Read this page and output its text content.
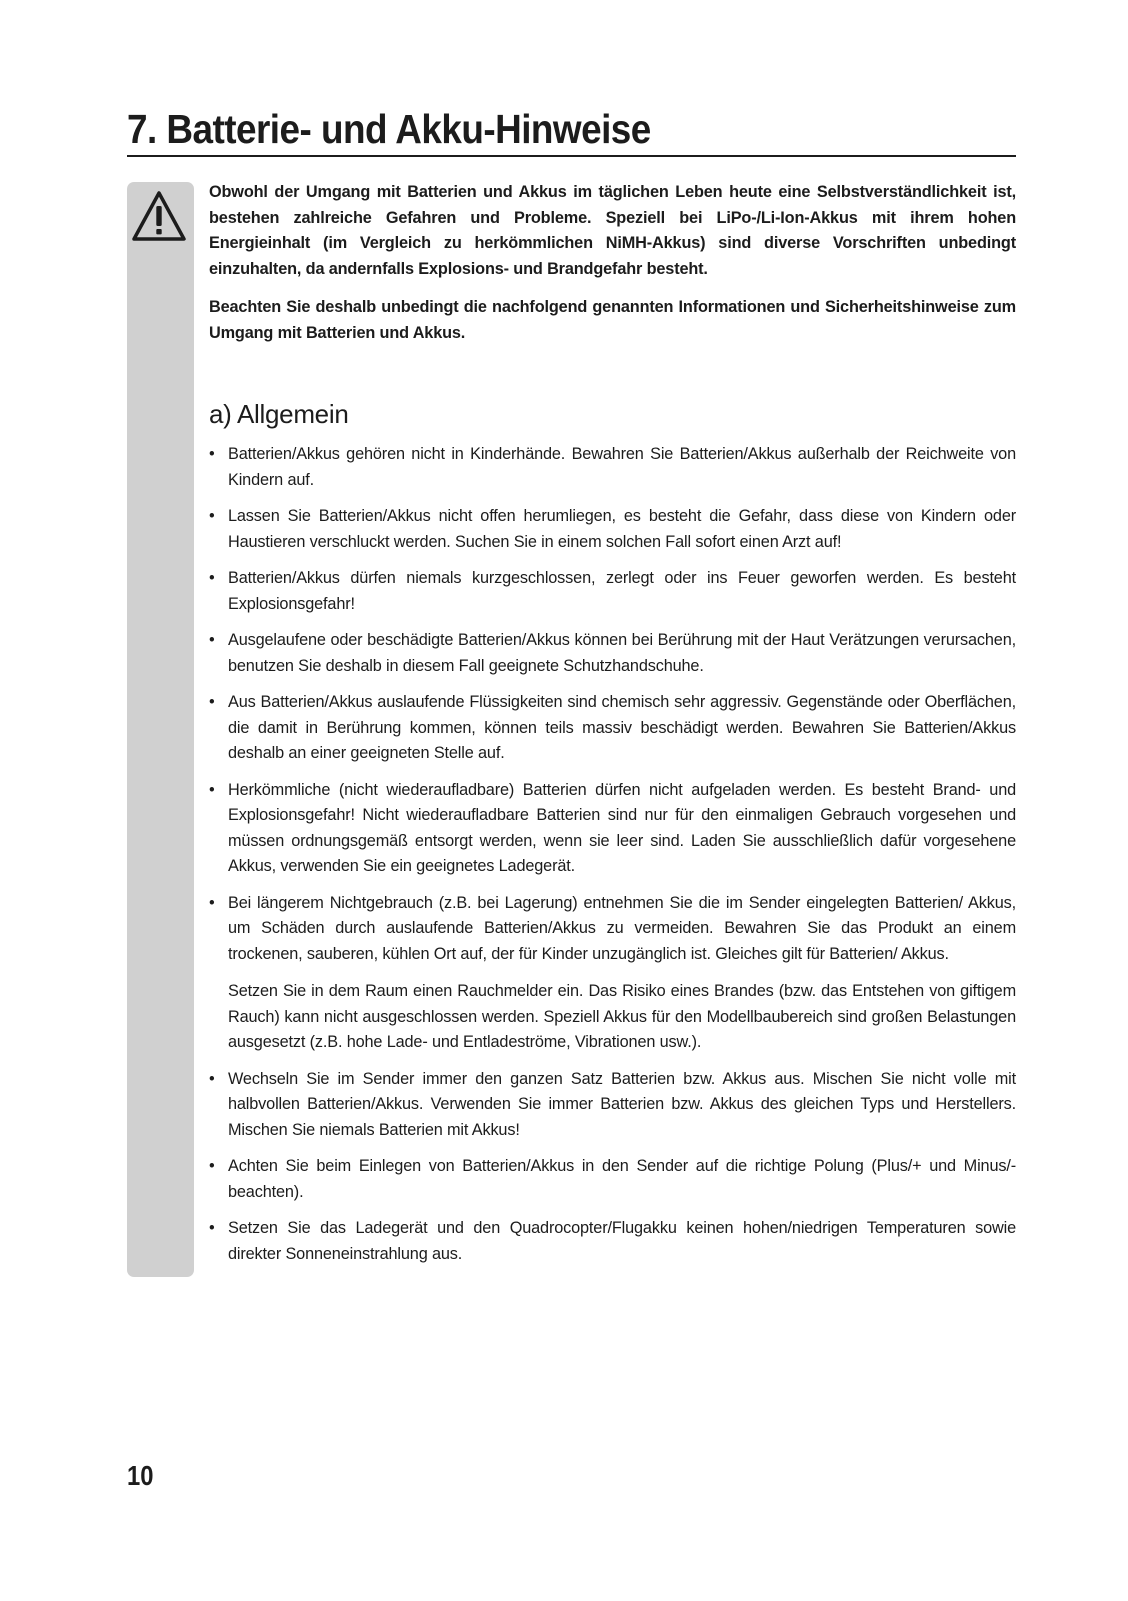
7. Batterie- und Akku-Hinweise

Obwohl der Umgang mit Batterien und Akkus im täglichen Leben heute eine Selbstverständlichkeit ist, bestehen zahlreiche Gefahren und Probleme. Speziell bei LiPo-/Li-Ion-Akkus mit ihrem hohen Energieinhalt (im Vergleich zu herkömmlichen NiMH-Akkus) sind diverse Vorschriften unbedingt einzuhalten, da andernfalls Explosions- und Brandgefahr besteht.

Beachten Sie deshalb unbedingt die nachfolgend genannten Informationen und Sicherheitshinweise zum Umgang mit Batterien und Akkus.

a) Allgemein
• Batterien/Akkus gehören nicht in Kinderhände. Bewahren Sie Batterien/Akkus außerhalb der Reichweite von Kindern auf.

• Lassen Sie Batterien/Akkus nicht offen herumliegen, es besteht die Gefahr, dass diese von Kindern oder Haustieren verschluckt werden. Suchen Sie in einem solchen Fall sofort einen Arzt auf!

• Batterien/Akkus dürfen niemals kurzgeschlossen, zerlegt oder ins Feuer geworfen werden. Es besteht Explosionsgefahr!

• Ausgelaufene oder beschädigte Batterien/Akkus können bei Berührung mit der Haut Verätzungen verursachen, benutzen Sie deshalb in diesem Fall geeignete Schutzhandschuhe.

• Aus Batterien/Akkus auslaufende Flüssigkeiten sind chemisch sehr aggressiv. Gegenstände oder Oberflächen, die damit in Berührung kommen, können teils massiv beschädigt werden. Bewahren Sie Batterien/Akkus deshalb an einer geeigneten Stelle auf.

• Herkömmliche (nicht wiederaufladbare) Batterien dürfen nicht aufgeladen werden. Es besteht Brand- und Explosionsgefahr! Nicht wiederaufladbare Batterien sind nur für den einmaligen Gebrauch vorgesehen und müssen ordnungsgemäß entsorgt werden, wenn sie leer sind. Laden Sie ausschließlich dafür vorgesehene Akkus, verwenden Sie ein geeignetes Ladegerät.

• Bei längerem Nichtgebrauch (z.B. bei Lagerung) entnehmen Sie die im Sender eingelegten Batterien/ Akkus, um Schäden durch auslaufende Batterien/Akkus zu vermeiden. Bewahren Sie das Produkt an einem trockenen, sauberen, kühlen Ort auf, der für Kinder unzugänglich ist. Gleiches gilt für Batterien/ Akkus.

Setzen Sie in dem Raum einen Rauchmelder ein. Das Risiko eines Brandes (bzw. das Entstehen von giftigem Rauch) kann nicht ausgeschlossen werden. Speziell Akkus für den Modellbaubereich sind großen Belastungen ausgesetzt (z.B. hohe Lade- und Entladeströme, Vibrationen usw.).

• Wechseln Sie im Sender immer den ganzen Satz Batterien bzw. Akkus aus. Mischen Sie nicht volle mit halbvollen Batterien/Akkus. Verwenden Sie immer Batterien bzw. Akkus des gleichen Typs und Herstellers. Mischen Sie niemals Batterien mit Akkus!

• Achten Sie beim Einlegen von Batterien/Akkus in den Sender auf die richtige Polung (Plus/+ und Minus/- beachten).

• Setzen Sie das Ladegerät und den Quadrocopter/Flugakku keinen hohen/niedrigen Temperaturen sowie direkter Sonneneinstrahlung aus.

10
